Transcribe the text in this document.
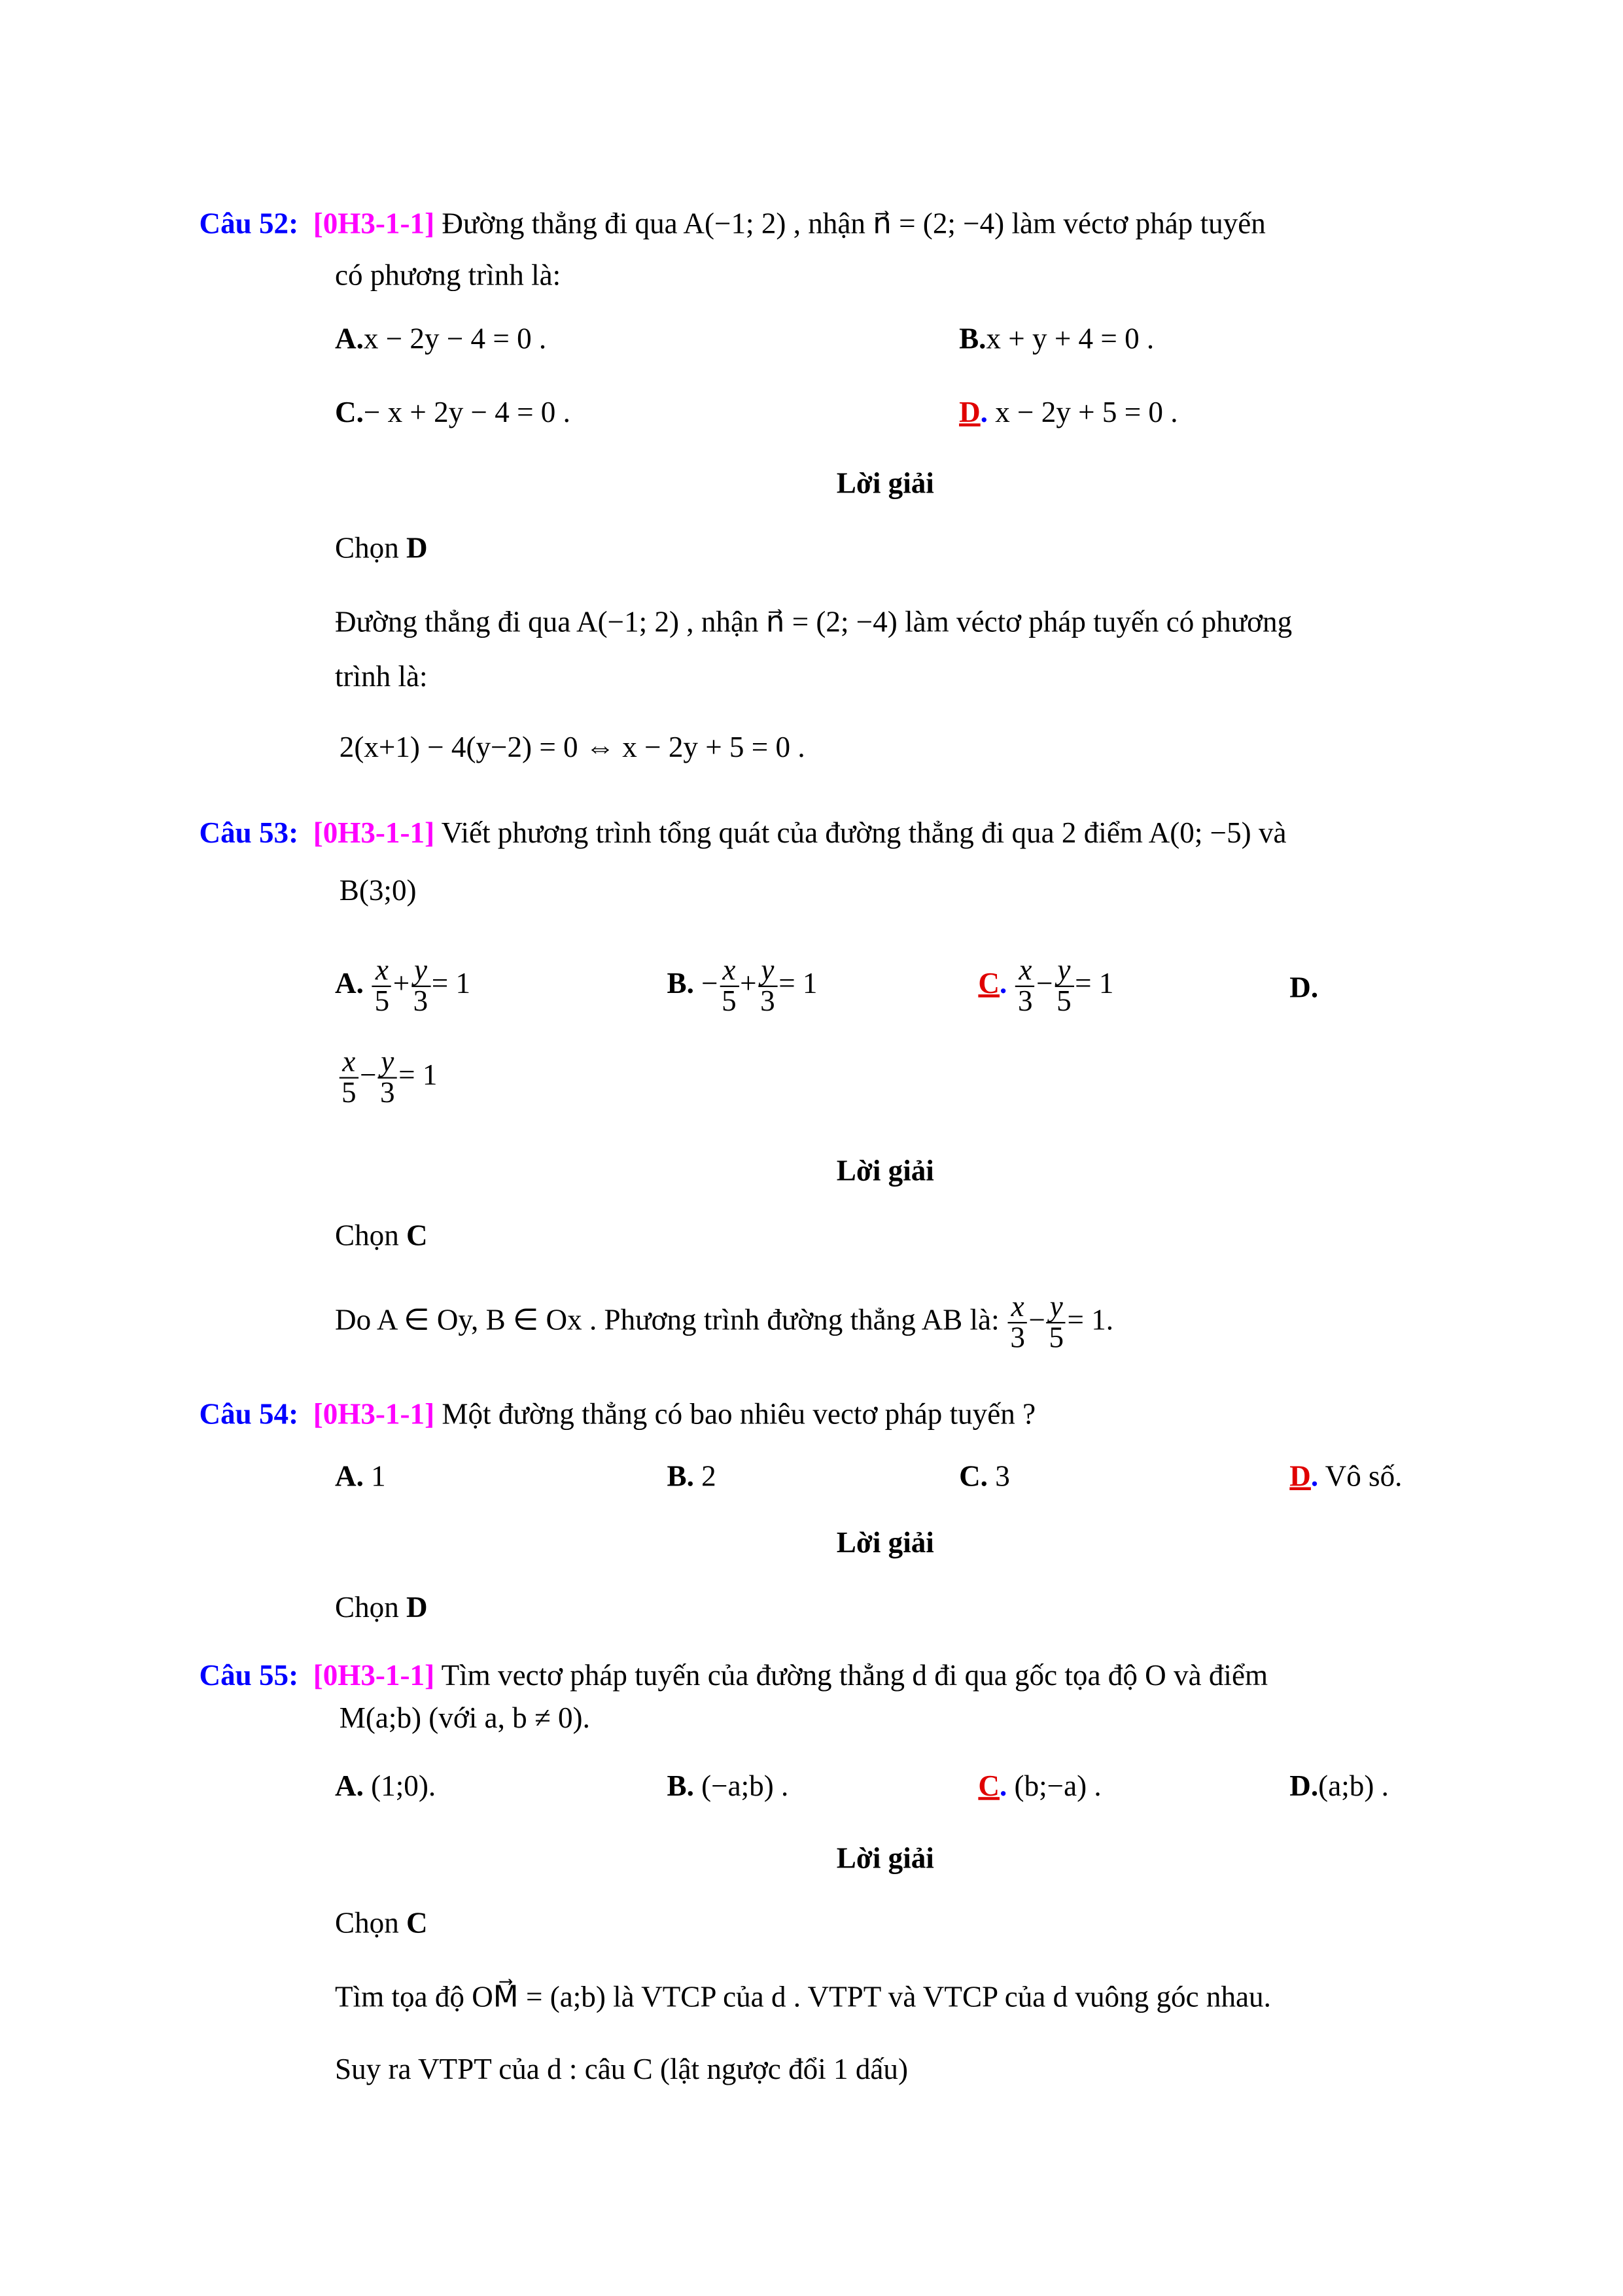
Câu 52: [0H3-1-1] Đường thẳng đi qua A(−1; 2) , nhận n⃗ = (2; −4) làm véctơ pháp tuyến
có phương trình là:
A.x − 2y − 4 = 0 .	B.x + y + 4 = 0 .
C.− x + 2y − 4 = 0 .	D. x − 2y + 5 = 0 .
Lời giải
Chọn D
Đường thẳng đi qua A(−1; 2) , nhận n⃗ = (2; −4) làm véctơ pháp tuyến có phương
trình là:
2(x+1) − 4(y−2) = 0 ⇔ x − 2y + 5 = 0 .
Câu 53: [0H3-1-1] Viết phương trình tổng quát của đường thẳng đi qua 2 điểm A(0; −5) và
B(3;0)
A. $\frac{x}{5} + \frac{y}{3} = 1$	B. − $\frac{x}{5} + \frac{y}{3} = 1$	C. $\frac{x}{3} - \frac{y}{5} = 1$	D.
$\frac{x}{5} - \frac{y}{3} = 1$
Lời giải
Chọn C
Do A ∈ Oy, B ∈ Ox . Phương trình đường thẳng AB là: $\frac{x}{3} - \frac{y}{5} = 1$.
Câu 54: [0H3-1-1] Một đường thẳng có bao nhiêu vectơ pháp tuyến ?
A. 1	B. 2	C. 3	D. Vô số.
Lời giải
Chọn D
Câu 55: [0H3-1-1] Tìm vectơ pháp tuyến của đường thẳng d đi qua gốc tọa độ O và điểm
M(a;b) (với a, b ≠ 0).
A. (1;0).	B. (−a;b) .	C. (b;−a) .	D.(a;b) .
Lời giải
Chọn C
Tìm tọa độ OM⃗ = (a;b) là VTCP của d . VTPT và VTCP của d vuông góc nhau.
Suy ra VTPT của d : câu C (lật ngược đổi 1 dấu)
